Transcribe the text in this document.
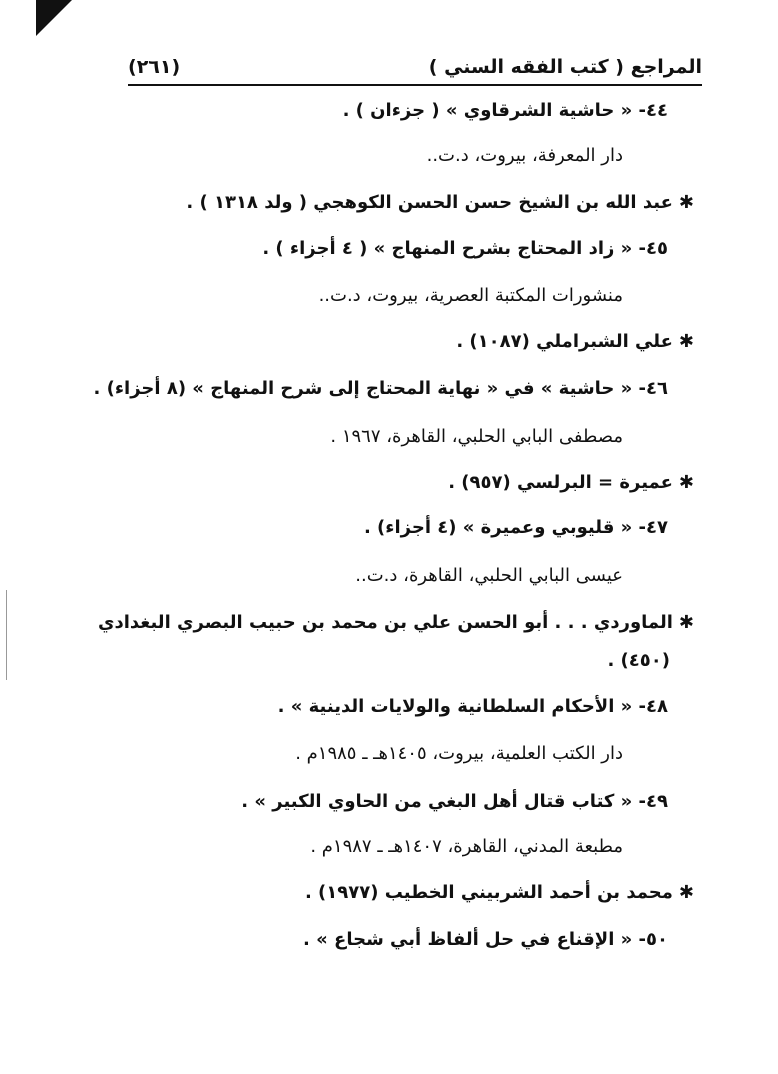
(٢٦١)	المراجع ( كتب الفقه السني )
٤٤- « حاشية الشرقاوي » ( جزءان ) .
دار المعرفة، بيروت، د.ت..
✱عبد الله بن الشيخ حسن الحسن الكوهجي ( ولد ١٣١٨ ) .
٤٥- « زاد المحتاج بشرح المنهاج » ( ٤ أجزاء ) .
منشورات المكتبة العصرية، بيروت، د.ت..
✱علي الشبراملي (١٠٨٧) .
٤٦- « حاشية » في « نهاية المحتاج إلى شرح المنهاج » (٨ أجزاء) .
مصطفى البابي الحلبي، القاهرة، ١٩٦٧ .
✱عميرة = البرلسي (٩٥٧) .
٤٧- « قليوبي وعميرة » (٤ أجزاء) .
عيسى البابي الحلبي، القاهرة، د.ت..
✱الماوردي . . . أبو الحسن علي بن محمد بن حبيب البصري البغدادي
(٤٥٠) .
٤٨- « الأحكام السلطانية والولايات الدينية » .
دار الكتب العلمية، بيروت، ١٤٠٥هـ ـ ١٩٨٥م .
٤٩- « كتاب قتال أهل البغي من الحاوي الكبير » .
مطبعة المدني، القاهرة، ١٤٠٧هـ ـ ١٩٨٧م .
✱محمد بن أحمد الشربيني الخطيب (١٩٧٧) .
٥٠- « الإقناع في حل ألفاظ أبي شجاع » .
